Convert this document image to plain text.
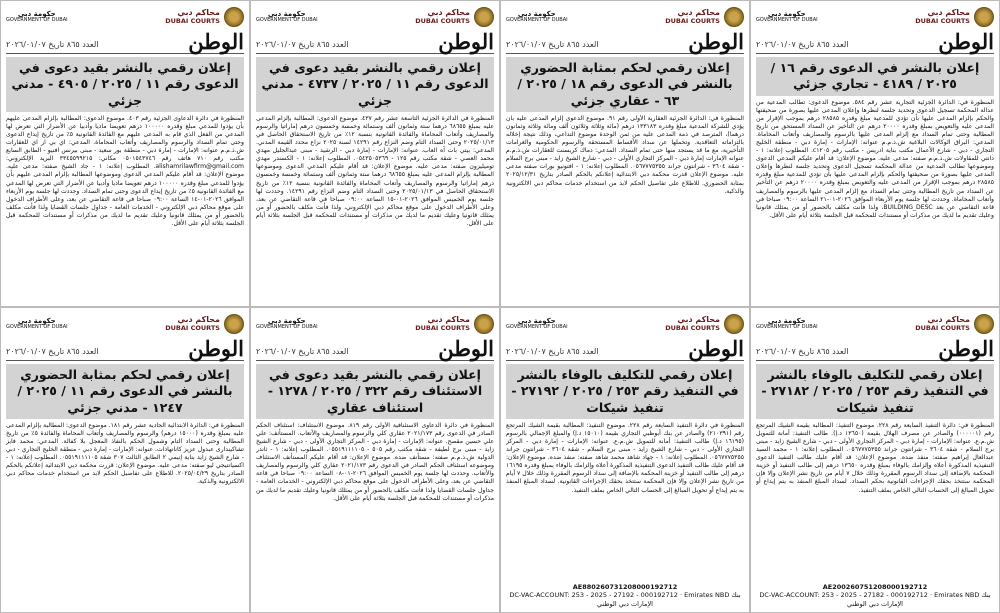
محاكم دبي
DUBAI COURTS
حكومة دبي
GOVERNMENT OF DUBAI
الوطن
العدد ٨٦٥ تاريخ ٢٠٢٦/٠١/٠٧
إعلان بالنشر في الدعوى رقم ١٦ / ٢٠٢٥ / ٤١٨٩ - تجاري جزئي

المنظورة في: الدائرة الجزئية التجارية عشر رقم ٥٨٤. موضوع الدعوى: تطالب المدعية من عدالة المحكمة تسجيل الدعوى وتحديد جلسة لنظرها وإعلان المدعى عليها بصورة من صحيفتها والحكم بإلزام المدعى عليها بأن تؤدي للمدعية مبلغ وقدره ٢٨٥٨٥ درهم بموجب الإقرار من المدعى عليه والتعويض بمبلغ وقدره ٢٠٠٠٠ درهم عن التأخير عن السداد المستحق من تاريخ المطالبة وحتى تمام السداد مع إلزام المدعى عليها بالرسوم والمصاريف وأتعاب المحاماة. المدعي: البراق الوكالات البلاغية ش.ذ.م.م عنوانه: الإمارات - إمارة دبي - منطقة الخليج التجاري - دبي - شارع الأعمال مكتب بناية ادريس - مكتب رقم c١٢٠٥. المطلوب إعلانه: ١ - دانتي للمقاولات ش.ذ.م.م صفته: مدعى عليه. موضوع الإعلان: قد أقام عليكم المدعي الدعوى وموضوعها تطالب المدعية من عدالة المحكمة تسجيل الدعوى وتحديد جلسة لنظرها وإعلان المدعى عليها بصورة من صحيفتها والحكم بإلزام المدعى عليها بأن تؤدي للمدعية مبلغ وقدره ٢٨٥٨٥ درهم بموجب الإقرار من المدعى عليه والتعويض بمبلغ وقدره ٢٠٠٠٠ درهم عن التأخير عن السداد من تاريخ المطالبة وحتى تمام السداد مع إلزام المدعى عليها بالرسوم والمصاريف وأتعاب المحاماة. وحددت لها جلسة يوم الأربعاء الموافق ٢٠٢٦-٠١-٢١ الساعة ٠٩:٠٠ صباحا في قاعة التقاضي عن بعد BUILDING_DESC، ولذا فأنت مكلف بالحضور أو من يمثلك قانونيا وعليك تقديم ما لديك من مذكرات أو مستندات للمحكمة قبل الجلسة بثلاثة أيام على الأقل.

محاكم دبي
DUBAI COURTS
حكومة دبي
GOVERNMENT OF DUBAI
الوطن
العدد ٨٦٥ تاريخ ٢٠٢٦/٠١/٠٧
إعلان رقمي لحكم بمثابة الحضوري بالنشر في الدعوى رقم ١٨ / ٢٠٢٥ / ٦٣ - عقاري جزئي

المنظورة في: الدائرة الجزئية العقارية الأولى رقم ٩١. موضوع الدعوى إلزام المدعى عليه بأن يؤدي للشركة المدعية مبلغ وقدره ١٣٣١٨٣ درهم (مائة وثلاثة وثلاثون ألف ومائة وثلاثة وثمانون درهما)، المترصد في ذمة المدعى عليه من ثمن الوحدة موضوع التداعي، وذلك نتيجة إخلاله بالتزاماته التعاقدية. وتحملها عن سداد الأقساط المستحقة والرسوم الحكومية والغرامات التأخيرية، مع ما قد يستجد منها حتى تمام السداد. المدعي: دماك كريسنت للعقارات ش.ذ.م.م عنوانه الإمارات إمارة دبي - المركز التجاري الأولى - دبي - شارع الشيخ زايد - مبنى برج السلام - شقة ٣٦٠٤ - شرانتون جراند ٠٥٦٧٧٧٥٣٥٥. المطلوب إعلانه: ١ - افتونيو بورات صفته مدعى عليه. موضوع الإعلان قدرت محكمة دبي الابتدائية إعلانكم بالحكم الصادر بتاريخ ٢٠٢٥/١٢/٣١ بمثابة الحضوري. للاطلاع على تفاصيل الحكم لابد من استخدام خدمات محاكم دبي الالكترونية والذكية.

محاكم دبي
DUBAI COURTS
حكومة دبي
GOVERNMENT OF DUBAI
الوطن
العدد ٨٦٥ تاريخ ٢٠٢٦/٠١/٠٧
إعلان رقمي بالنشر بقيد دعوى في الدعوى رقم ١١ / ٢٠٢٥ / ٤٧٣٧ - مدني جزئي

المنظورة في الدائرة الجزئية التاسعة عشر رقم ٤٣٧. موضوع الدعوى: المطالبة بإلزام المدعى عليه بمبلغ ٦٨٦٥٥ درهما ستة وثمانون ألف وستمائة وخمسة وخمسون درهم إماراتيا والرسوم والمصاريف وأتعاب المحاماة والفائدة القانونية بنسبة ١٢٪ من تاريخ الاستحقاق الحاصل في ٢٠٢٥/٠١/١٣ وحتى السداد التام وضم النزاع رقم ١٤٢٩١ لسنة ٢٠٢٥ نزاع محدد القيمة المدني. المدعي: بيتي بات آه العاب. عنوانه: الإمارات - إمارة دبي - الرشيد - مبنى عبدالجليل مهدي محمد العصي - شقة مكتب رقم ١٢٥ - ٠٥٤٣٥٠٥٣٦٩. المطلوب إعلانه: ١ - الكسندر مهدي توميليزون صفته: مدعى عليه. موضوع الإعلان: قد أقام عليكم المدعي الدعوى وموضوعها المطالبة بإلزام المدعى عليه بمبلغ ٦٨٦٥٥ درهما ستة وثمانون ألف وستمائة وخمسة وخمسون درهم إماراتيا والرسوم والمصاريف وأتعاب المحاماة والفائدة القانونية بنسبة ١٢٪ من تاريخ الاستحقاق الحاصل في ٢٠٢٥/٠١/١٣ وحتى السداد التام وضم النزاع رقم ١٤٢٩١. وحددت لها جلسة يوم الخميس الموافق ٢٠٢٦-٠١-١٥ الساعة ٠٩:٠٠ صباحا في قاعة التقاضي عن بعد، وعلى الأطراف الدخول على موقع محاكم دبي الإلكتروني، ولذا فأنت مكلف بالحضور أو من يمثلك قانونيا وعليك تقديم ما لديك من مذكرات أو مستندات للمحكمة قبل الجلسة بثلاثة أيام على الأقل.

محاكم دبي
DUBAI COURTS
حكومة دبي
GOVERNMENT OF DUBAI
الوطن
العدد ٨٦٥ تاريخ ٢٠٢٦/٠١/٠٧
إعلان رقمي بالنشر بقيد دعوى في الدعوى رقم ١١ / ٢٠٢٥ / ٤٩٠٥ - مدني جزئي

المنظورة في دائرة الدعاوى الجزئية رقم ٤٠٣. موضوع الدعوى: المطالبة بإلزام المدعى عليهم بأن يؤدوا للمدعي مبلغ وقدره ١٠٠٠٠٠ درهم تعويضا ماديا وأدبيا عن الأضرار التي تعرض لها المدعي من الفعل الذي قام به المدعى عليهم مع الفائدة القانونية ٥٪ من تاريخ إيداع الدعوى وحتى تمام السداد والرسوم والمصاريف وأتعاب المحاماة. المدعي: اي بي ار اي للعقارات ش.ذ.م.م عنوانه: الإمارات - إمارة دبي - منطقة بور سعيد - مبنى بيرنس افنيو - الطابق السابع مكتب رقم ٧١٠ هاتف رقم ٠٥٠١٥٤٣٧٤٦ مكاني: ٣٣٤٥٥٩٩٢١٥ البريد الإلكتروني: alishamrilawfirm@gmail.com. المطلوب إعلانه: ١ - جاد الشيخ صفته: مدعى عليه. موضوع الإعلان: قد أقام عليكم المدعي الدعوى وموضوعها المطالبة بإلزام المدعى عليهم بأن يؤدوا للمدعي مبلغ وقدره ١٠٠٠٠٠ درهم تعويضا ماديا وأدبيا عن الأضرار التي تعرض لها المدعي مع الفائدة القانونية ٥٪ من تاريخ إيداع الدعوى وحتى تمام السداد. وحددت لها جلسة يوم الأربعاء الموافق ٢٠٢٦-٠١-١٤ الساعة ٠٩:٠٠ صباحا في قاعة التقاضي عن بعد، وعلى الأطراف الدخول على موقع محاكم دبي الإلكتروني - الخدمات العامة - جداول جلسات القضايا ولذا فأنت مكلف بالحضور أو من يمثلك قانونيا وعليك تقديم ما لديك من مذكرات أو مستندات للمحكمة قبل الجلسة بثلاثة أيام على الأقل.

محاكم دبي
DUBAI COURTS
حكومة دبي
GOVERNMENT OF DUBAI
الوطن
العدد ٨٦٥ تاريخ ٢٠٢٦/٠١/٠٧
إعلان رقمي للتكليف بالوفاء بالنشر في التنفيذ رقم ٢٥٣ / ٢٠٢٥ / ٢٧١٨٢ - تنفيذ شيكات

المنظورة في: دائرة التنفيذ السابعة رقم ٢٢٨. موضوع التنفيذ: المطالبة بقيمة الشيك المرتجع رقم (٠٠٠٠٠١) والصادر عن مصرف الهلال بقيمة (١٣٦٥٠ د.إ). طالب التنفيذ: أمانة للتمويل ش.م.ع. عنوانه: الإمارات - إمارة دبي - المركز التجاري الأولى - دبي - شارع الشيخ زايد - مبنى برج السلام - شقة ٣٦٠٤ - شرانتون جراند ٠٥٦٧٧٧٥٣٥٥. المطلوب إعلانه: ١ - محمد السيد عبدالعال إبراهيم صفته: منفذ ضده. موضوع الإعلان: قد أقام عليك طالب التنفيذ الدعوى التنفيذية المذكورة أعلاه وإلزامك بالوفاء بمبلغ وقدره ١٣٦٥٠ درهم إلى طالب التنفيذ أو خزينة المحكمة بالإضافة إلى سداد الرسوم المقررة وذلك خلال ٧ أيام من تاريخ نشر الإعلان وإلا فإن المحكمة ستتخذ بحقك الإجراءات القانونية بحكم السداد. لسداد المبلغ المنفذ به يتم إيداع أو تحويل المبالغ إلى الحساب التالي الخاص بملف التنفيذ.

AE200260751208000192712
DC-VAC-ACCOUNT: 253 - 2025 - 27182 - 000192712 · Emirates NBD بنك الإمارات دبي الوطني
محاكم دبي
DUBAI COURTS
حكومة دبي
GOVERNMENT OF DUBAI
الوطن
العدد ٨٦٥ تاريخ ٢٠٢٦/٠١/٠٧
إعلان رقمي للتكليف بالوفاء بالنشر في التنفيذ رقم ٢٥٣ / ٢٠٢٥ / ٢٧١٩٢ - تنفيذ شيكات

المنظورة في دائرة التنفيذ السابعة رقم ٢٢٨. موضوع التنفيذ: المطالبة بقيمة الشيك المرتجع رقم (٢١٠٣٩١) والصادر عن بنك أبوظبي التجاري بقيمة (١٥٠١٠ د.إ) والمبلغ الإجمالي بالرسوم (١٦١٩٥ د.إ) طالب التنفيذ: أمانة للتمويل ش.م.ع. عنوانه: الإمارات - إمارة دبي - المركز التجاري الأولى - دبي - شارع الشيخ زايد - مبنى برج السلام - شقة ٣٦٠٤ - شرانتون جراند ٠٥٦٧٧٧٥٣٥٥. المطلوب إعلانه: ١ - جهاد شاهد محمد شاهد صفته: منفذ ضده. موضوع الإعلان: قد أقام عليك طالب التنفيذ الدعوى التنفيذية المذكورة أعلاه وإلزامك بالوفاء بمبلغ وقدره ١٦١٩٥ درهم إلى طالب التنفيذ أو خزينة المحكمة بالإضافة إلى سداد الرسوم المقررة وذلك خلال ٧ أيام من تاريخ نشر الإعلان وإلا فإن المحكمة ستتخذ بحقك الإجراءات القانونية. لسداد المبلغ المنفذ به يتم إيداع أو تحويل المبالغ إلى الحساب التالي الخاص بملف التنفيذ.

AE880260731208000192712
DC-VAC-ACCOUNT: 253 - 2025 - 27192 - 000192712 · Emirates NBD بنك الإمارات دبي الوطني
محاكم دبي
DUBAI COURTS
حكومة دبي
GOVERNMENT OF DUBAI
الوطن
العدد ٨٦٥ تاريخ ٢٠٢٦/٠١/٠٧
إعلان رقمي بالنشر بقيد دعوى في الاستئناف رقم ٣٢٢ / ٢٠٢٥ / ١٢٧٨ - استئناف عقاري

المنظورة في دائرة الدعاوى الاستئنافية الأولى رقم ٨١٩. موضوع الاستئناف: استئناف الحكم الصادر في الدعوى رقم ٢٠٢١/١٧٣ عقاري كلي والرسوم والمصاريف والأتعاب. المستأنف: علي علي حسين مقصح. عنوانه: الإمارات - إمارة دبي - المركز التجاري الأولى - دبي - شارع الشيخ زايد - مبنى برج لطيفة - شقة مكتب رقم ٥٠٥ - ٠٥٥١٩١١١١٠٥. المطلوب إعلانه: ١ - ثاندر الدولية ش.ذ.م.م صفته: مستأنف ضده. موضوع الإعلان: قد أقام عليكم المستأنف الاستئناف وموضوعه استئناف الحكم الصادر في الدعوى رقم ٢٠٢١/١٧٣ عقاري كلي والرسوم والمصاريف والأتعاب. وحددت لها جلسة يوم الخميس الموافق ٢٠٢٦-٠١-٠٨ الساعة ٠٩:٠٠ صباحا في قاعة التقاضي عن بعد، وعلى الأطراف الدخول على موقع محاكم دبي الإلكتروني - الخدمات العامة - جداول جلسات القضايا ولذا فأنت مكلف بالحضور أو من يمثلك قانونيا وعليك تقديم ما لديك من مذكرات أو مستندات للمحكمة قبل الجلسة بثلاثة أيام على الأقل.

محاكم دبي
DUBAI COURTS
حكومة دبي
GOVERNMENT OF DUBAI
الوطن
العدد ٨٦٥ تاريخ ٢٠٢٦/٠١/٠٧
إعلان رقمي لحكم بمثابة الحضوري بالنشر في الدعوى رقم ١١ / ٢٠٢٥ / ١٢٤٧ - مدني جزئي

المنظورة في: الدائرة الابتدائية الحادية عشر رقم ١٨١. موضوع الدعوى: المطالبة بإلزام المدعى عليه بمبلغ وقدره (١٥٠٠٠ درهم) والرسوم والمصاريف وأتعاب المحاماة والفائدة ٥٪ من تاريخ المطالبة وحتى السداد التام وشمول الحكم بالنفاذ المعجل بلا كفالة. المدعي: محمد فايز تشاكيندارى عبدول عزيز كانانهادات. عنوانه: الإمارات - إمارة دبي - منطقة الخليج التجاري - دبي - شارع الشيخ زايد بناية إنيمي ٢ الطابق الثالث ٣٠٧ شقة ٠٥٥١٩١١١١٠٥. المطلوب إعلانه: ١ - اكسيانتيجي ليو صفته: مدعى عليه. موضوع الإعلان: قررت محكمة دبي الابتدائية إعلانكم بالحكم الصادر بتاريخ ٢٠٢٥/٠٤/٢٩. للاطلاع على تفاصيل الحكم لابد من استخدام خدمات محاكم دبي الالكترونية والذكية.
